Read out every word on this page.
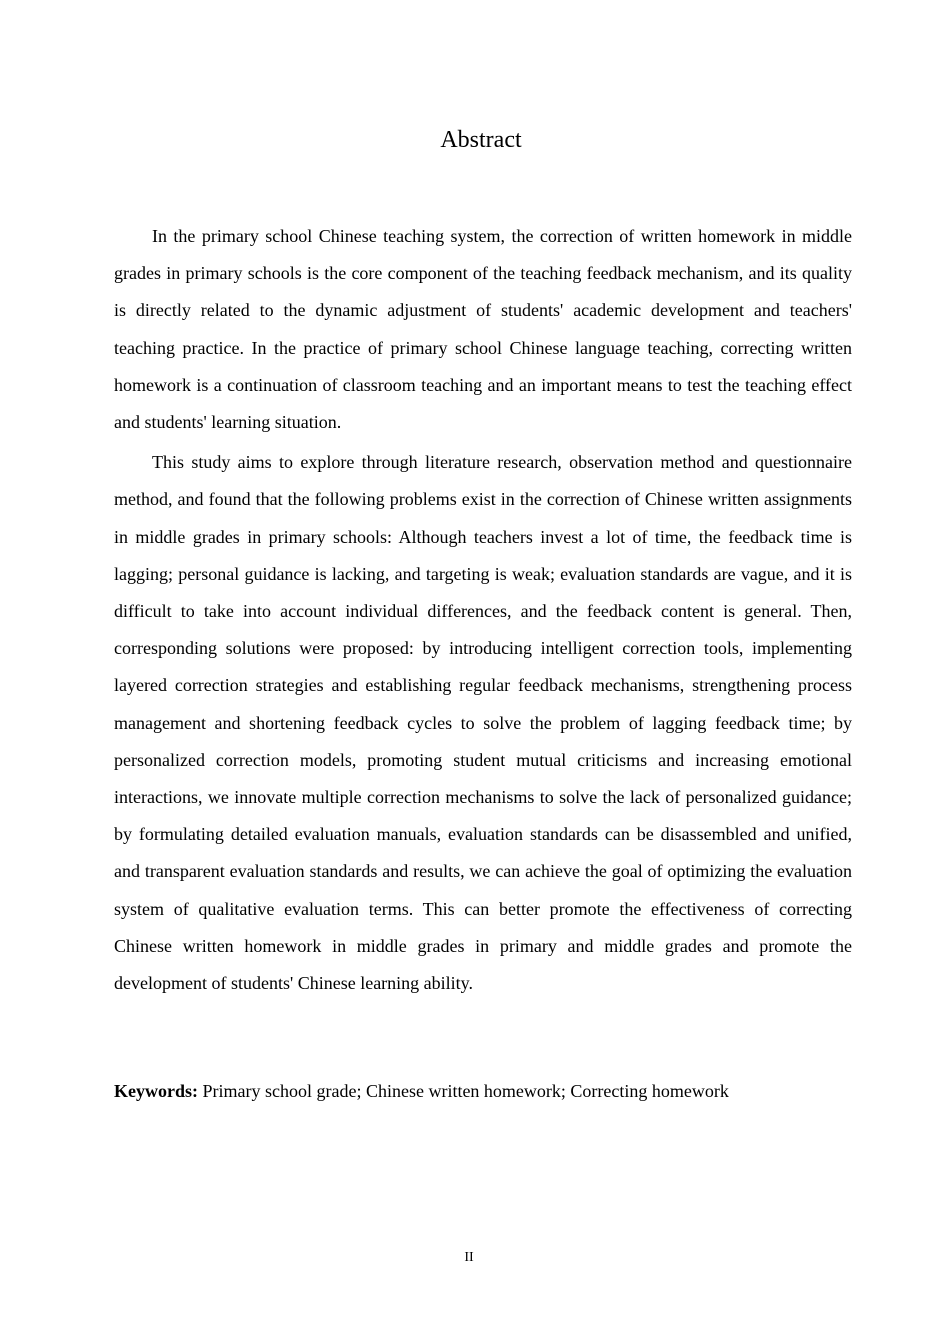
Abstract

In the primary school Chinese teaching system, the correction of written homework in middle grades in primary schools is the core component of the teaching feedback mechanism, and its quality is directly related to the dynamic adjustment of students' academic development and teachers' teaching practice. In the practice of primary school Chinese language teaching, correcting written homework is a continuation of classroom teaching and an important means to test the teaching effect and students' learning situation.

This study aims to explore through literature research, observation method and questionnaire method, and found that the following problems exist in the correction of Chinese written assignments in middle grades in primary schools: Although teachers invest a lot of time, the feedback time is lagging; personal guidance is lacking, and targeting is weak; evaluation standards are vague, and it is difficult to take into account individual differences, and the feedback content is general. Then, corresponding solutions were proposed: by introducing intelligent correction tools, implementing layered correction strategies and establishing regular feedback mechanisms, strengthening process management and shortening feedback cycles to solve the problem of lagging feedback time; by personalized correction models, promoting student mutual criticisms and increasing emotional interactions, we innovate multiple correction mechanisms to solve the lack of personalized guidance; by formulating detailed evaluation manuals, evaluation standards can be disassembled and unified, and transparent evaluation standards and results, we can achieve the goal of optimizing the evaluation system of qualitative evaluation terms. This can better promote the effectiveness of correcting Chinese written homework in middle grades in primary and middle grades and promote the development of students' Chinese learning ability.

Keywords: Primary school grade; Chinese written homework; Correcting homework

II
